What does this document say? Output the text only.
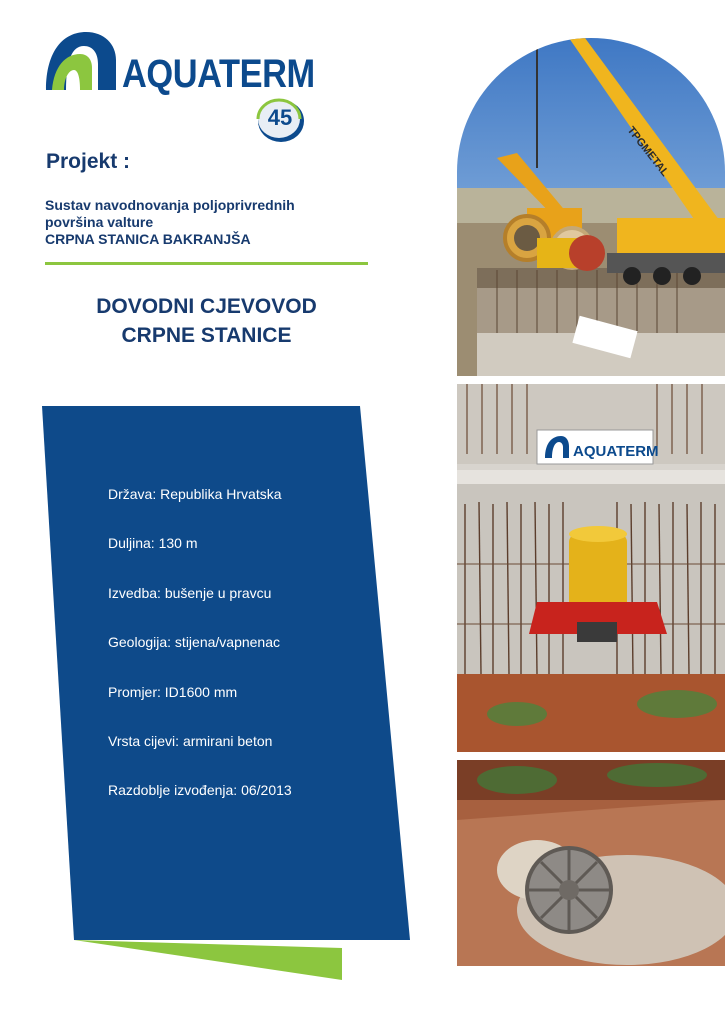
AQUATERM
45
Projekt :
Sustav navodnovanja poljoprivrednih
površina valture
CRPNA STANICA BAKRANJŠA
DOVODNI CJEVOVOD
CRPNE STANICE
Država: Republika Hrvatska
Duljina: 130 m
Izvedba: bušenje u pravcu
Geologija: stijena/vapnenac
Promjer: ID1600 mm
Vrsta cijevi: armirani beton
Razdoblje izvođenja: 06/2013
TPGMETAL
AQUATERM
